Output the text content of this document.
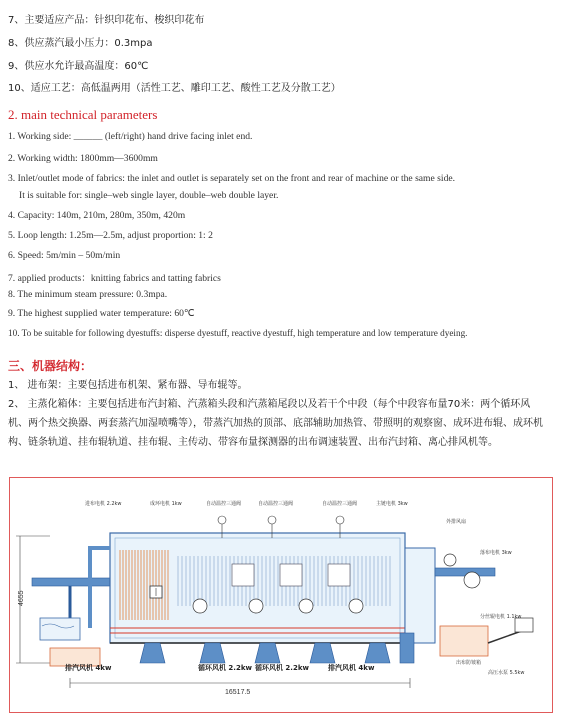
7、主要适应产品：针织印花布、梭织印花布
8、供应蒸汽最小压力：0.3mpa
9、供应水允许最高温度：60℃
10、适应工艺：高低温两用（活性工艺、雕印工艺、酸性工艺及分散工艺）
2. main technical parameters
1. Working side: ______ (left/right) hand drive facing inlet end.
2. Working width: 1800mm—3600mm
3. Inlet/outlet mode of fabrics: the inlet and outlet is separately set on the front and rear of machine or the same side.
It is suitable for: single–web single layer, double–web double layer.
4. Capacity: 140m, 210m, 280m, 350m, 420m
5. Loop length: 1.25m—2.5m, adjust proportion: 1: 2
6. Speed: 5m/min – 50m/min
7. applied products：knitting fabrics and tatting fabrics
8. The minimum steam pressure: 0.3mpa.
9. The highest supplied water temperature: 60℃
10. To be suitable for following dyestuffs: disperse dyestuff, reactive dyestuff, high temperature and low temperature dyeing.
三、机器结构：
1、 进布架：主要包括进布机架、紧布器、导布辊等。
2、 主蒸化箱体：主要包括进布汽封箱、汽蒸箱头段和汽蒸箱尾段以及若干个中段（每个中段容布量70米：两个循环风机、两个热交换器、两套蒸汽加湿喷嘴等），带蒸汽加热的顶部、底部辅助加热管、带照明的观察窗、成环进布辊、成环机构、链条轨道、挂布辊轨道、挂布辊、主传动、带容布量探测器的出布调速装置、出布汽封箱、离心排风机等。
4655
16517.5
进布电机 2.2kw	成环电机 1kw	自动温控三通阀	自动温控三通阀	自动温控三通阀	主链电机 3kw
外排风扇
落布电机 3kw
分丝辊电机 1.1kw
出布防皱箱
高压水泵 5.5kw
排汽风机 4kw	循环风机 2.2kw 循环风机 2.2kw	排汽风机 4kw
